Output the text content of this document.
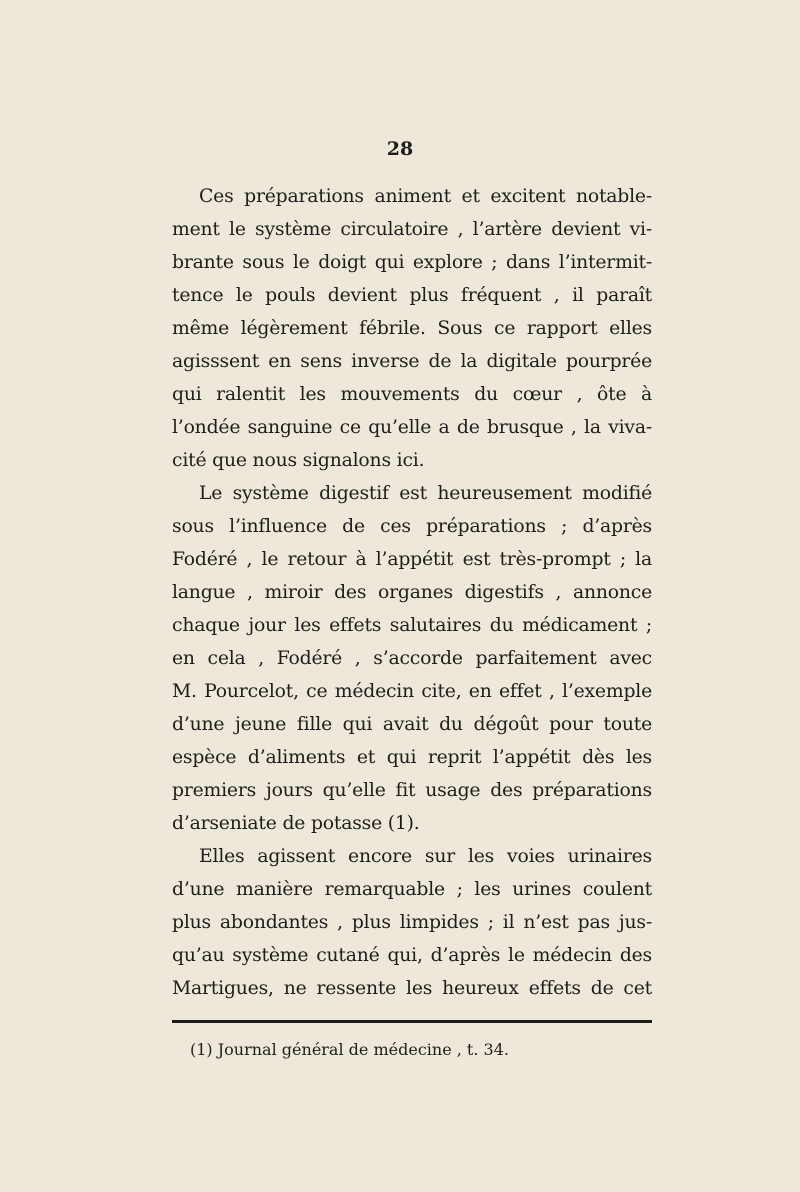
28
Ces préparations animent et excitent notable-
ment le système circulatoire , l’artère devient vi-
brante sous le doigt qui explore ; dans l’intermit-
tence le pouls devient plus fréquent , il paraît
même légèrement fébrile. Sous ce rapport elles
agisssent en sens inverse de la digitale pourprée
qui ralentit les mouvements du cœur , ôte à
l’ondée sanguine ce qu’elle a de brusque , la viva-
cité que nous signalons ici.
Le système digestif est heureusement modifié
sous l’influence de ces préparations ; d’après
Fodéré , le retour à l’appétit est très-prompt ; la
langue , miroir des organes digestifs , annonce
chaque jour les effets salutaires du médicament ;
en cela , Fodéré , s’accorde parfaitement avec
M. Pourcelot, ce médecin cite, en effet , l’exemple
d’une jeune fille qui avait du dégoût pour toute
espèce d’aliments et qui reprit l’appétit dès les
premiers jours qu’elle fit usage des préparations
d’arseniate de potasse (1).
Elles agissent encore sur les voies urinaires
d’une manière remarquable ; les urines coulent
plus abondantes , plus limpides ; il n’est pas jus-
qu’au système cutané qui, d’après le médecin des
Martigues, ne ressente les heureux effets de cet
(1) Journal général de médecine , t. 34.
